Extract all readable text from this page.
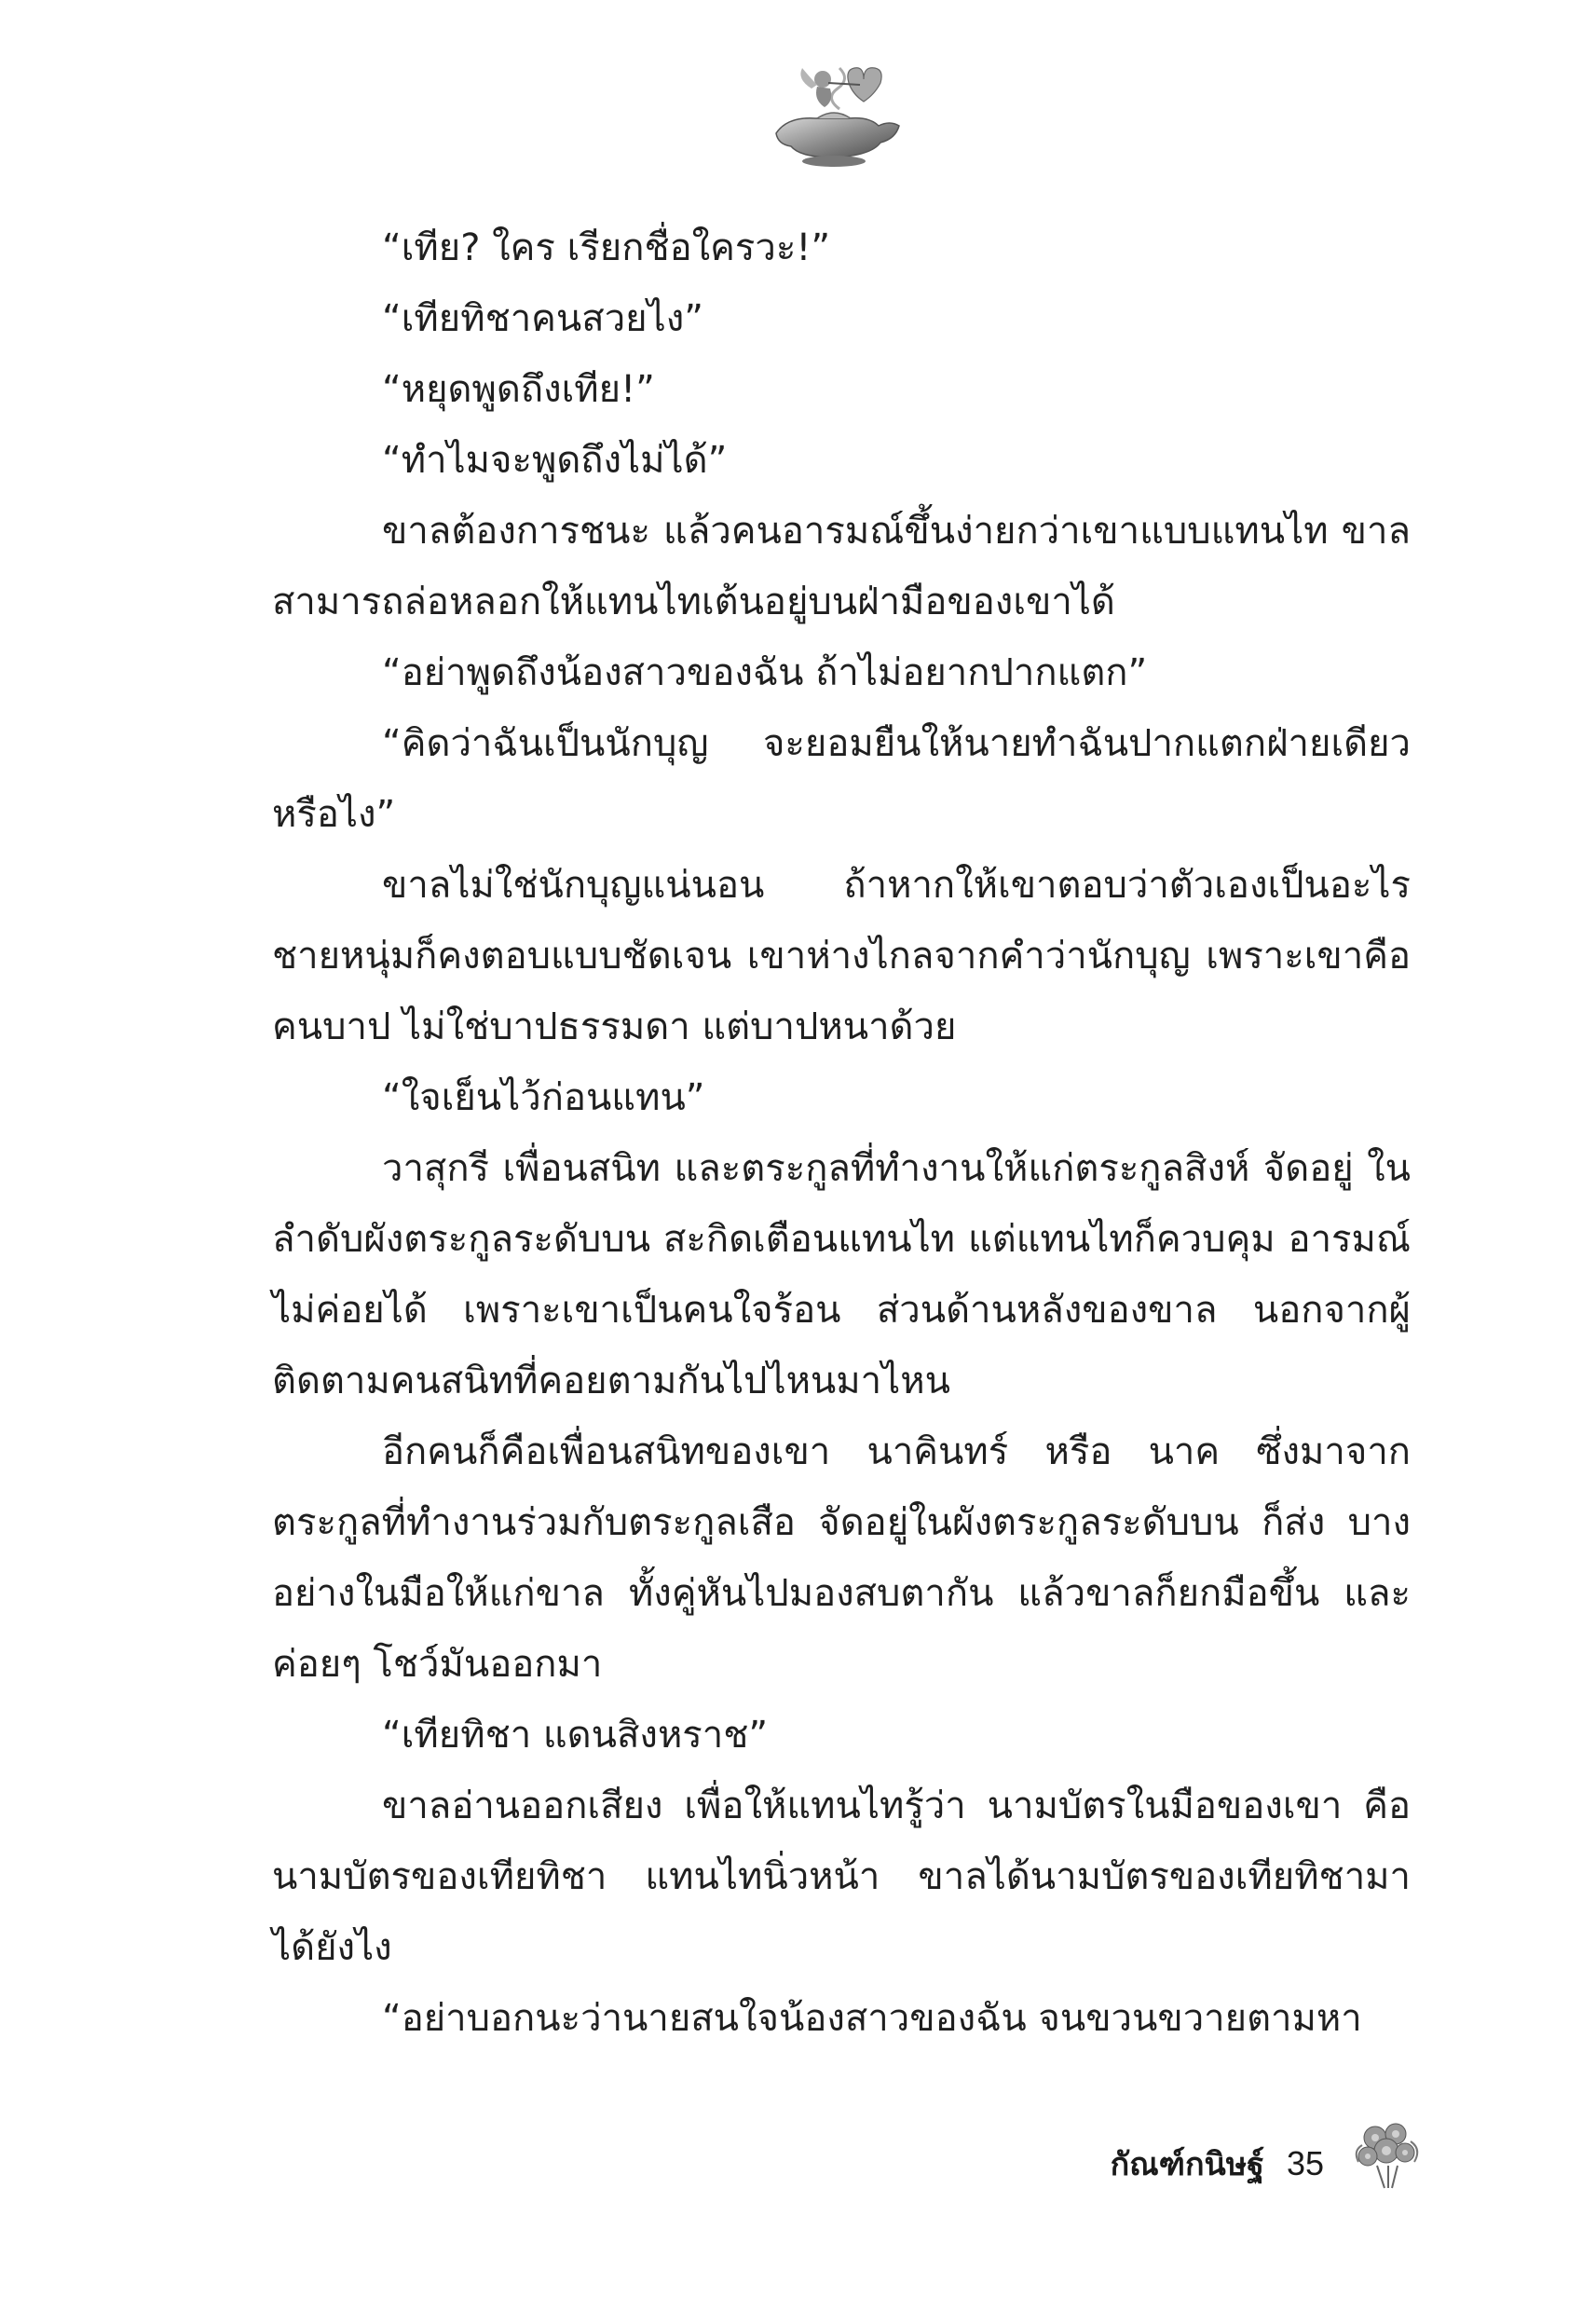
“เทีย? ใคร เรียกชื่อใครวะ!”

“เทียทิชาคนสวยไง”

“หยุดพูดถึงเทีย!”

“ทำไมจะพูดถึงไม่ได้”

ขาลต้องการชนะ แล้วคนอารมณ์ขึ้นง่ายกว่าเขาแบบแทนไท ขาลสามารถล่อหลอกให้แทนไทเต้นอยู่บนฝ่ามือของเขาได้

“อย่าพูดถึงน้องสาวของฉัน ถ้าไม่อยากปากแตก”

“คิดว่าฉันเป็นนักบุญ จะยอมยืนให้นายทำฉันปากแตกฝ่ายเดียว หรือไง”

ขาลไม่ใช่นักบุญแน่นอน ถ้าหากให้เขาตอบว่าตัวเองเป็นอะไร ชายหนุ่มก็คงตอบแบบชัดเจน เขาห่างไกลจากคำว่านักบุญ เพราะเขาคือ คนบาป ไม่ใช่บาปธรรมดา แต่บาปหนาด้วย

“ใจเย็นไว้ก่อนแทน”

วาสุกรี เพื่อนสนิท และตระกูลที่ทำงานให้แก่ตระกูลสิงห์ จัดอยู่ ในลำดับผังตระกูลระดับบน สะกิดเตือนแทนไท แต่แทนไทก็ควบคุม อารมณ์ไม่ค่อยได้ เพราะเขาเป็นคนใจร้อน ส่วนด้านหลังของขาล นอกจากผู้ติดตามคนสนิทที่คอยตามกันไปไหนมาไหน

อีกคนก็คือเพื่อนสนิทของเขา นาคินทร์ หรือ นาค ซึ่งมาจาก ตระกูลที่ทำงานร่วมกับตระกูลเสือ จัดอยู่ในผังตระกูลระดับบน ก็ส่ง บางอย่างในมือให้แก่ขาล ทั้งคู่หันไปมองสบตากัน แล้วขาลก็ยกมือขึ้น และค่อยๆ โชว์มันออกมา

“เทียทิชา แดนสิงหราช”

ขาลอ่านออกเสียง เพื่อให้แทนไทรู้ว่า นามบัตรในมือของเขา คือ นามบัตรของเทียทิชา แทนไทนิ่วหน้า ขาลได้นามบัตรของเทียทิชามา ได้ยังไง

“อย่าบอกนะว่านายสนใจน้องสาวของฉัน จนขวนขวายตามหา

กัณฑ์กนิษฐ์ 35
